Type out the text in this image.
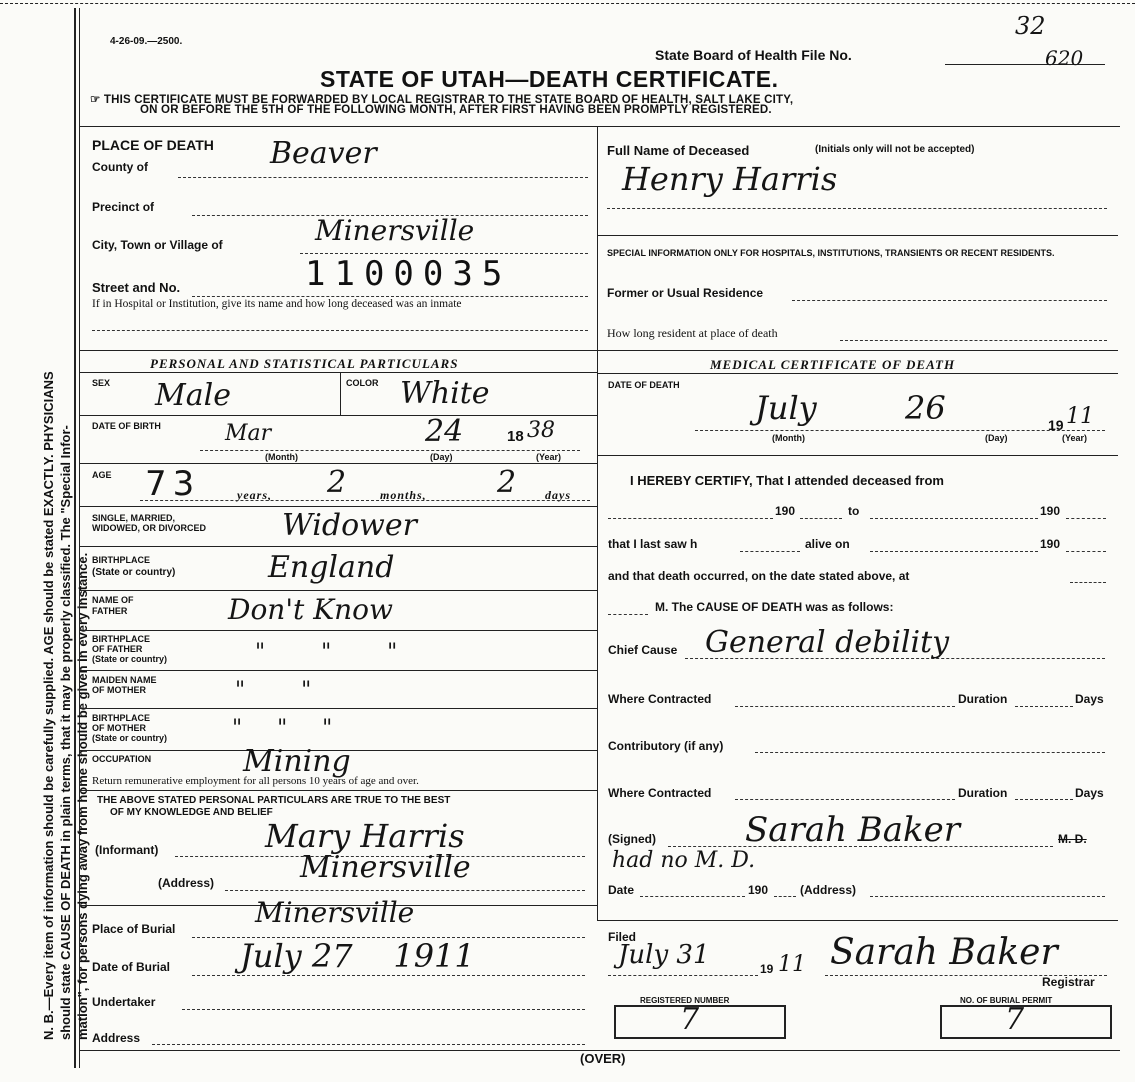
N. B.—Every item of information should be carefully supplied. AGE should be stated EXACTLY. PHYSICIANS should state CAUSE OF DEATH in plain terms, that it may be properly classified. The "Special Infor- mation", for persons dying away from home should be given in every instance.
4-26-09.—2500.
State Board of Health File No.
32
620
STATE OF UTAH—DEATH CERTIFICATE.
☞ THIS CERTIFICATE MUST BE FORWARDED BY LOCAL REGISTRAR TO THE STATE BOARD OF HEALTH, SALT LAKE CITY,
ON OR BEFORE THE 5TH OF THE FOLLOWING MONTH, AFTER FIRST HAVING BEEN PROMPTLY REGISTERED.
PLACE OF DEATH
County of	Beaver
Precinct of
City, Town or Village of	Minersville
Street and No.	1100035
If in Hospital or Institution, give its name and how long deceased was an inmate
Full Name of Deceased	(Initials only will not be accepted)
Henry Harris
SPECIAL INFORMATION ONLY FOR HOSPITALS, INSTITUTIONS, TRANSIENTS OR RECENT RESIDENTS.
Former or Usual Residence
How long resident at place of death
PERSONAL AND STATISTICAL PARTICULARS
SEX Male	COLOR White
DATE OF BIRTH	Mar	24	18 38
(Month)	(Day)	(Year)
AGE 73	years, 2	months, 2 days
SINGLE, MARRIED,
WIDOWED, OR DIVORCED	Widower
BIRTHPLACE
(State or country)	England
NAME OF
FATHER	Don't Know
BIRTHPLACE
OF FATHER
(State or country)	"        "        "
MAIDEN NAME
OF MOTHER	"        "
BIRTHPLACE
OF MOTHER
(State or country)	"     "     "
OCCUPATION	Mining
Return remunerative employment for all persons 10 years of age and over.
THE ABOVE STATED PERSONAL PARTICULARS ARE TRUE TO THE BEST
OF MY KNOWLEDGE AND BELIEF
(Informant)	Mary Harris
(Address)	Minersville
Place of Burial	Minersville
Date of Burial July 27    1911
Undertaker
Address
MEDICAL CERTIFICATE OF DEATH
DATE OF DEATH
July	26	19 11
(Month)	(Day)	(Year)
I HEREBY CERTIFY, That I attended deceased from
190	to	190
that I last saw h	alive on	190
and that death occurred, on the date stated above, at
M. The CAUSE OF DEATH was as follows:
Chief Cause General debility
Where Contracted	Duration	Days
Contributory (if any)
Where Contracted	Duration	Days
(Signed)	Sarah Baker	M. D.
had no M. D.
Date	190	(Address)
Filed
July 31	19 11 Sarah Baker
Registrar
REGISTERED NUMBER
7
NO. OF BURIAL PERMIT
7
(OVER)
